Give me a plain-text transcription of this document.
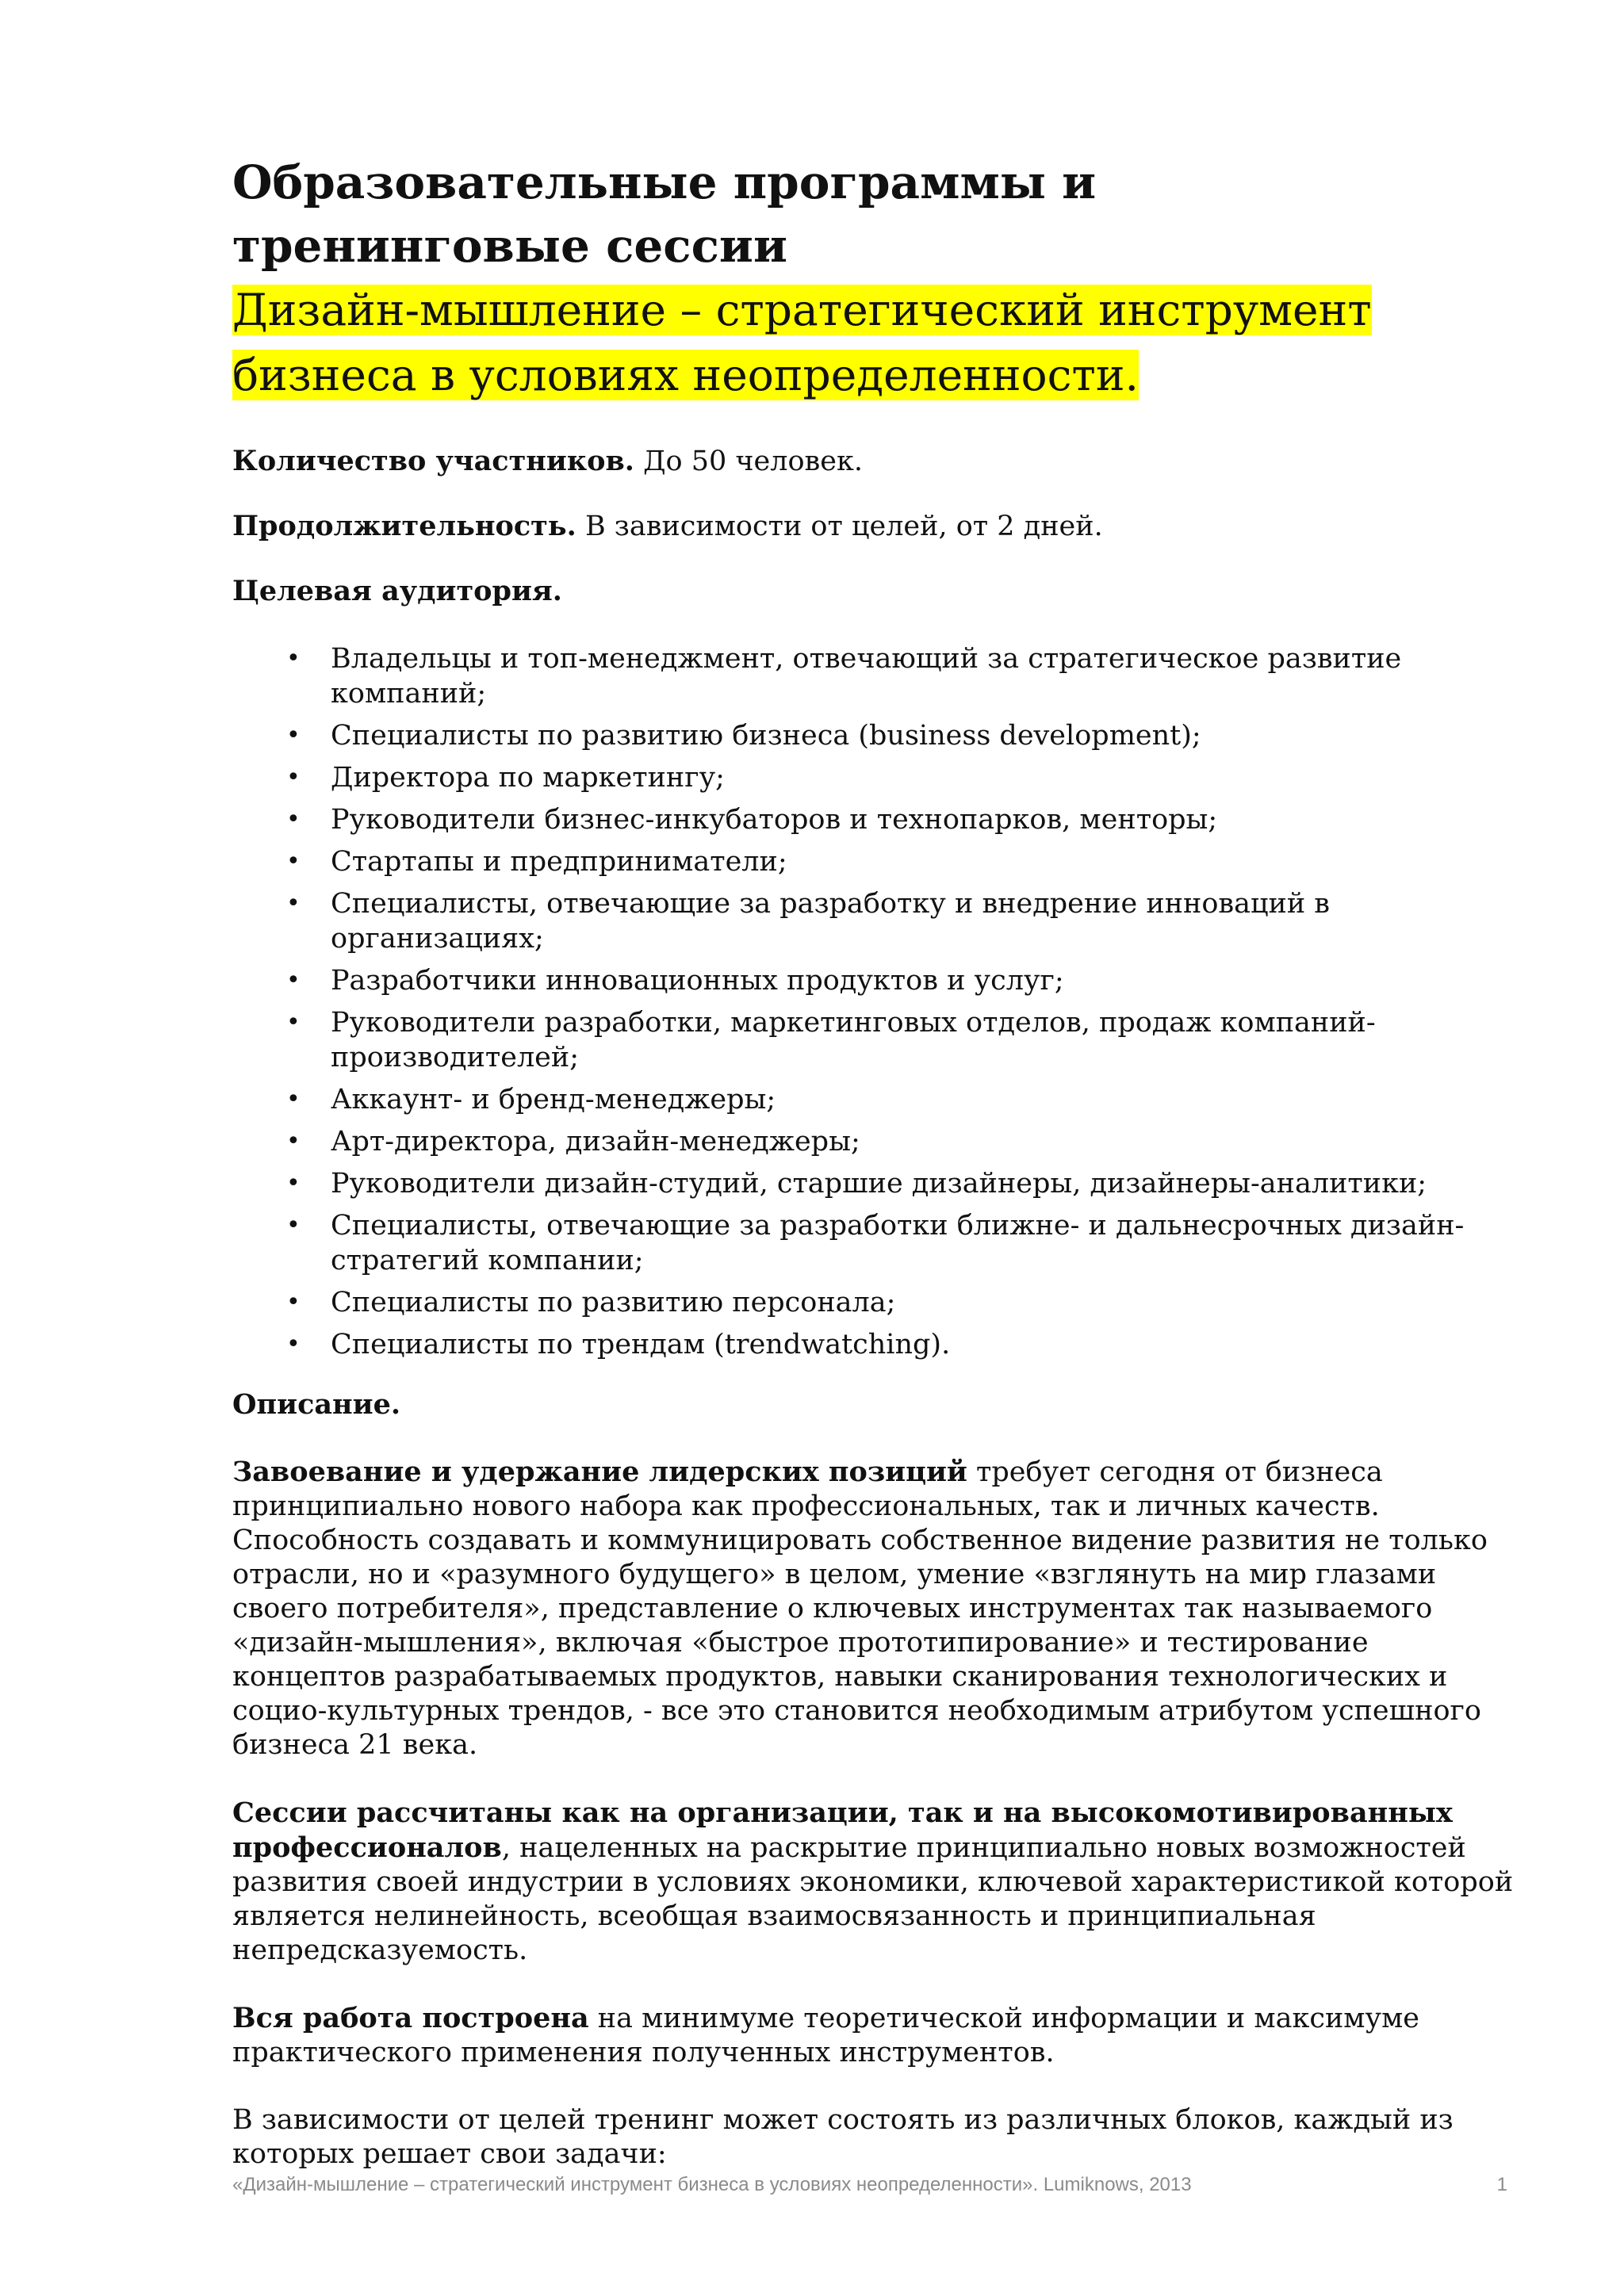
Образовательные программы и
тренинговые сессии
Дизайн-мышление – стратегический инструмент бизнеса в условиях неопределенности.

Количество участников. До 50 человек.

Продолжительность. В зависимости от целей, от 2 дней.

Целевая аудитория.

• Владельцы и топ-менеджмент, отвечающий за стратегическое развитие компаний;
• Специалисты по развитию бизнеса (business development);
• Директора по маркетингу;
• Руководители бизнес-инкубаторов и технопарков, менторы;
• Стартапы и предприниматели;
• Специалисты, отвечающие за разработку и внедрение инноваций в организациях;
• Разработчики инновационных продуктов и услуг;
• Руководители разработки, маркетинговых отделов, продаж компаний-производителей;
• Аккаунт- и бренд-менеджеры;
• Арт-директора, дизайн-менеджеры;
• Руководители дизайн-студий, старшие дизайнеры, дизайнеры-аналитики;
• Специалисты, отвечающие за разработки ближне- и дальнесрочных дизайн-стратегий компании;
• Специалисты по развитию персонала;
• Специалисты по трендам (trendwatching).

Описание.

Завоевание и удержание лидерских позиций требует сегодня от бизнеса принципиально нового набора как профессиональных, так и личных качеств. Способность создавать и коммуницировать собственное видение развития не только отрасли, но и «разумного будущего» в целом, умение «взглянуть на мир глазами своего потребителя», представление о ключевых инструментах так называемого «дизайн-мышления», включая «быстрое прототипирование» и тестирование концептов разрабатываемых продуктов, навыки сканирования технологических и социо-культурных трендов, - все это становится необходимым атрибутом успешного бизнеса 21 века.

Сессии рассчитаны как на организации, так и на высокомотивированных профессионалов, нацеленных на раскрытие принципиально новых возможностей развития своей индустрии в условиях экономики, ключевой характеристикой которой является нелинейность, всеобщая взаимосвязанность и принципиальная непредсказуемость.

Вся работа построена на минимуме теоретической информации и максимуме практического применения полученных инструментов.

В зависимости от целей тренинг может состоять из различных блоков, каждый из которых решает свои задачи:

«Дизайн-мышление – стратегический инструмент бизнеса в условиях неопределенности». Lumiknows, 2013	1
